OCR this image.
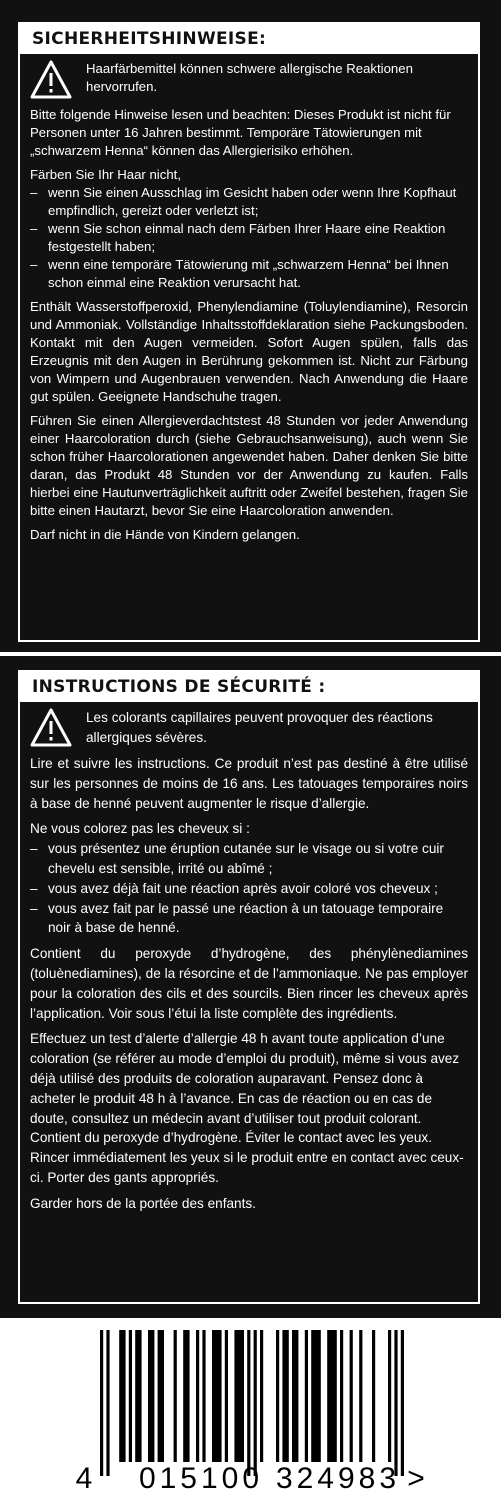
SICHERHEITSHINWEISE:
Haarfärbemittel können schwere allergische Reaktionen hervorrufen.

Bitte folgende Hinweise lesen und beachten: Dieses Produkt ist nicht für Personen unter 16 Jahren bestimmt. Temporäre Tätowierungen mit „schwarzem Henna“ können das Allergierisiko erhöhen.

Färben Sie Ihr Haar nicht,
– wenn Sie einen Ausschlag im Gesicht haben oder wenn Ihre Kopfhaut empfindlich, gereizt oder verletzt ist;
– wenn Sie schon einmal nach dem Färben Ihrer Haare eine Reaktion festgestellt haben;
– wenn eine temporäre Tätowierung mit „schwarzem Henna“ bei Ihnen schon einmal eine Reaktion verursacht hat.

Enthält Wasserstoffperoxid, Phenylendiamine (Toluylendiamine), Resorcin und Ammoniak. Vollständige Inhaltsstoffdeklaration siehe Packungsboden. Kontakt mit den Augen vermeiden. Sofort Augen spülen, falls das Erzeugnis mit den Augen in Berührung gekommen ist. Nicht zur Färbung von Wimpern und Augenbrauen verwenden. Nach Anwendung die Haare gut spülen. Geeignete Handschuhe tragen.

Führen Sie einen Allergieverdachtstest 48 Stunden vor jeder Anwendung einer Haarcoloration durch (siehe Gebrauchsanweisung), auch wenn Sie schon früher Haarcolorationen angewendet haben. Daher denken Sie bitte daran, das Produkt 48 Stunden vor der Anwendung zu kaufen. Falls hierbei eine Hautunverträglichkeit auftritt oder Zweifel bestehen, fragen Sie bitte einen Hautarzt, bevor Sie eine Haarcoloration anwenden.

Darf nicht in die Hände von Kindern gelangen.

INSTRUCTIONS DE SÉCURITÉ :
Les colorants capillaires peuvent provoquer des réactions allergiques sévères.

Lire et suivre les instructions. Ce produit n’est pas destiné à être utilisé sur les personnes de moins de 16 ans. Les tatouages temporaires noirs à base de henné peuvent augmenter le risque d’allergie.

Ne vous colorez pas les cheveux si :
– vous présentez une éruption cutanée sur le visage ou si votre cuir chevelu est sensible, irrité ou abîmé ;
– vous avez déjà fait une réaction après avoir coloré vos cheveux ;
– vous avez fait par le passé une réaction à un tatouage temporaire noir à base de henné.

Contient du peroxyde d’hydrogène, des phénylènediamines (toluènediamines), de la résorcine et de l’ammoniaque. Ne pas employer pour la coloration des cils et des sourcils. Bien rincer les cheveux après l’application. Voir sous l’étui la liste complète des ingrédients.

Effectuez un test d’alerte d’allergie 48 h avant toute application d’une coloration (se référer au mode d’emploi du produit), même si vous avez déjà utilisé des produits de coloration auparavant. Pensez donc à acheter le produit 48 h à l’avance. En cas de réaction ou en cas de doute, consultez un médecin avant d’utiliser tout produit colorant. Contient du peroxyde d’hydrogène. Éviter le contact avec les yeux. Rincer immédiatement les yeux si le produit entre en contact avec ceux-ci. Porter des gants appropriés.

Garder hors de la portée des enfants.

4 015100 324983 >
